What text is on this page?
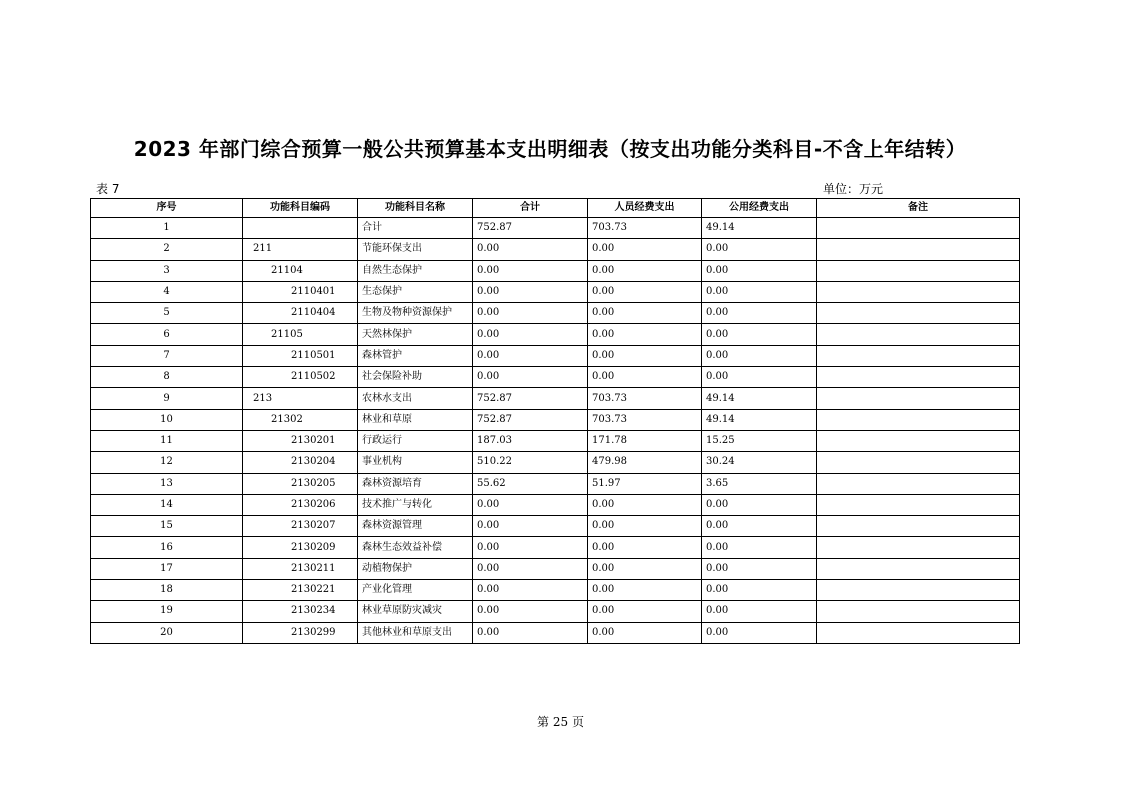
2023 年部门综合预算一般公共预算基本支出明细表（按支出功能分类科目-不含上年结转）
表 7	单位：万元
序号	功能科目编码	功能科目名称	合计	人员经费支出	公用经费支出	备注
1		合计	752.87	703.73	49.14	
2	211	节能环保支出	0.00	0.00	0.00	
3	21104	自然生态保护	0.00	0.00	0.00	
4	2110401	生态保护	0.00	0.00	0.00	
5	2110404	生物及物种资源保护	0.00	0.00	0.00	
6	21105	天然林保护	0.00	0.00	0.00	
7	2110501	森林管护	0.00	0.00	0.00	
8	2110502	社会保险补助	0.00	0.00	0.00	
9	213	农林水支出	752.87	703.73	49.14	
10	21302	林业和草原	752.87	703.73	49.14	
11	2130201	行政运行	187.03	171.78	15.25	
12	2130204	事业机构	510.22	479.98	30.24	
13	2130205	森林资源培育	55.62	51.97	3.65	
14	2130206	技术推广与转化	0.00	0.00	0.00	
15	2130207	森林资源管理	0.00	0.00	0.00	
16	2130209	森林生态效益补偿	0.00	0.00	0.00	
17	2130211	动植物保护	0.00	0.00	0.00	
18	2130221	产业化管理	0.00	0.00	0.00	
19	2130234	林业草原防灾减灾	0.00	0.00	0.00	
20	2130299	其他林业和草原支出	0.00	0.00	0.00	
第 25 页
